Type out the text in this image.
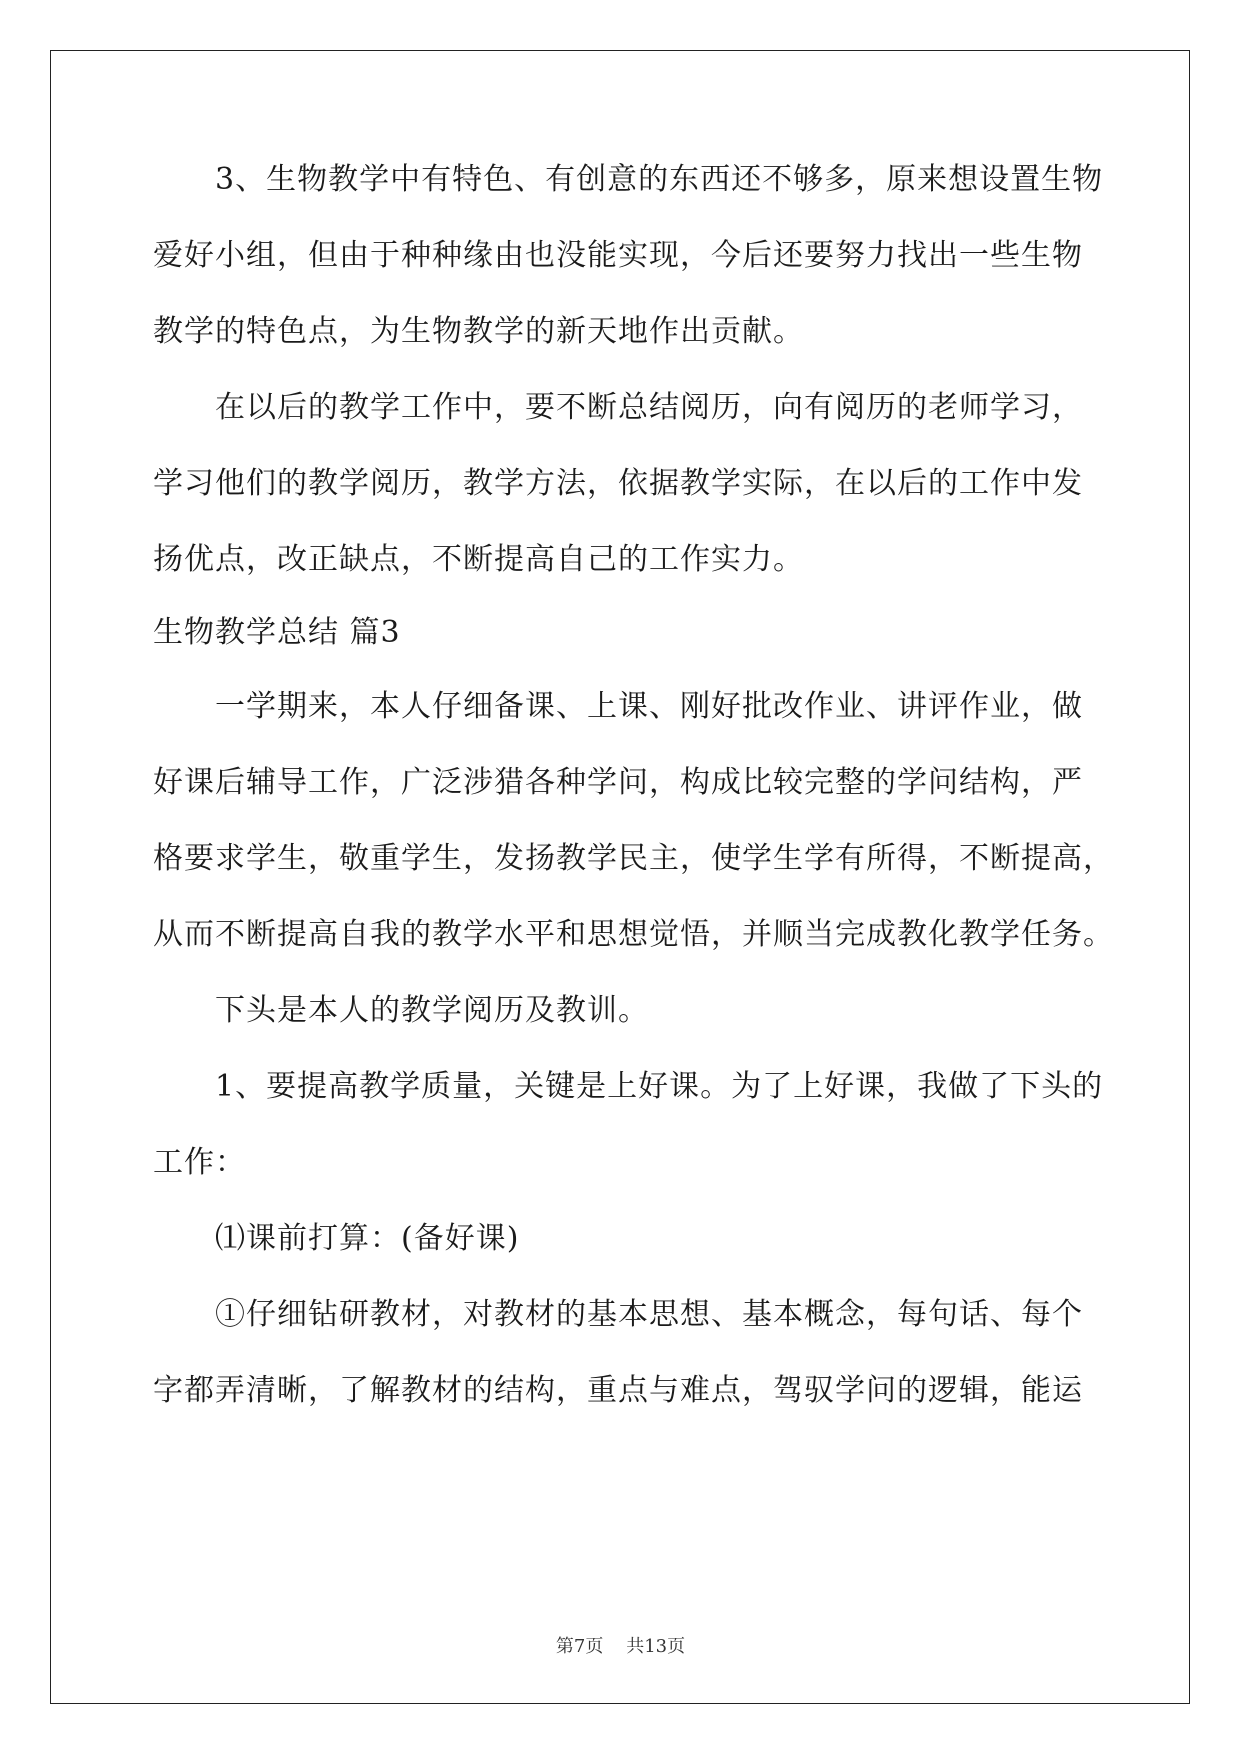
3、生物教学中有特色、有创意的东西还不够多，原来想设置生物
爱好小组，但由于种种缘由也没能实现，今后还要努力找出一些生物
教学的特色点，为生物教学的新天地作出贡献。
在以后的教学工作中，要不断总结阅历，向有阅历的老师学习，
学习他们的教学阅历，教学方法，依据教学实际，在以后的工作中发
扬优点，改正缺点，不断提高自己的工作实力。
生物教学总结 篇3
一学期来，本人仔细备课、上课、刚好批改作业、讲评作业，做
好课后辅导工作，广泛涉猎各种学问，构成比较完整的学问结构，严
格要求学生，敬重学生，发扬教学民主，使学生学有所得，不断提高，
从而不断提高自我的教学水平和思想觉悟，并顺当完成教化教学任务。
下头是本人的教学阅历及教训。
1、要提高教学质量，关键是上好课。为了上好课，我做了下头的
工作：
⑴课前打算：(备好课)
①仔细钻研教材，对教材的基本思想、基本概念，每句话、每个
字都弄清晰，了解教材的结构，重点与难点，驾驭学问的逻辑，能运
第7页 共13页
